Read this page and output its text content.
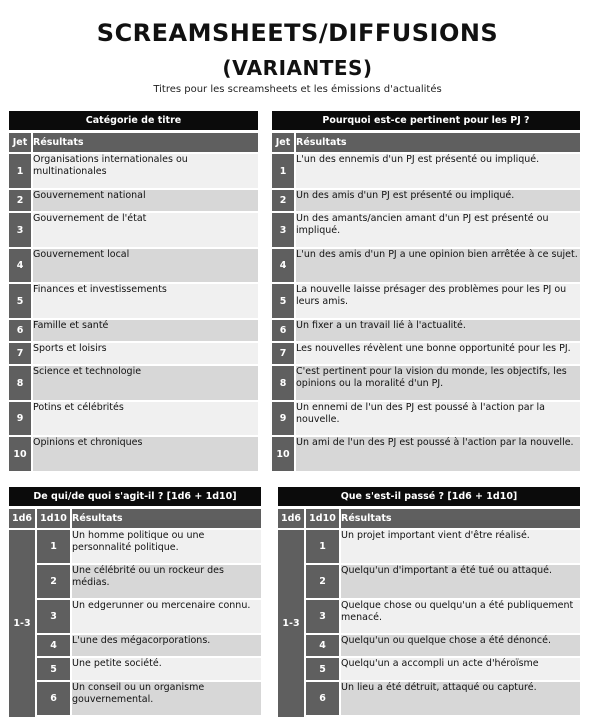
SCREAMSHEETS/DIFFUSIONS
(VARIANTES)
Titres pour les screamsheets et les émissions d'actualités
Catégorie de titre	
Jet	Résultats
1	Organisations internationales ou multinationales
2	Gouvernement national
3	Gouvernement de l'état
4	Gouvernement local
5	Finances et investissements
6	Famille et santé
7	Sports et loisirs
8	Science et technologie
9	Potins et célébrités
10	Opinions et chroniques
Pourquoi est-ce pertinent pour les PJ ?	
Jet	Résultats
1	L'un des ennemis d'un PJ est présenté ou impliqué.
2	Un des amis d'un PJ est présenté ou impliqué.
3	Un des amants/ancien amant d'un PJ est présenté ou impliqué.
4	L'un des amis d'un PJ a une opinion bien arrêtée à ce sujet.
5	La nouvelle laisse présager des problèmes pour les PJ ou leurs amis.
6	Un fixer a un travail lié à l'actualité.
7	Les nouvelles révèlent une bonne opportunité pour les PJ.
8	C'est pertinent pour la vision du monde, les objectifs, les opinions ou la moralité d'un PJ.
9	Un ennemi de l'un des PJ est poussé à l'action par la nouvelle.
10	Un ami de l'un des PJ est poussé à l'action par la nouvelle.
De qui/de quoi s'agit-il ? [1d6 + 1d10]		
1d6	1d10	Résultats
1-3	1	Un homme politique ou une personnalité politique.
	2	Une célébrité ou un rockeur des médias.
	3	Un edgerunner ou mercenaire connu.
	4	L'une des mégacorporations.
	5	Une petite société.
	6	Un conseil ou un organisme gouvernemental.
Que s'est-il passé ? [1d6 + 1d10]		
1d6	1d10	Résultats
1-3	1	Un projet important vient d'être réalisé.
	2	Quelqu'un d'important a été tué ou attaqué.
	3	Quelque chose ou quelqu'un a été publiquement menacé.
	4	Quelqu'un ou quelque chose a été dénoncé.
	5	Quelqu'un a accompli un acte d'héroïsme
	6	Un lieu a été détruit, attaqué ou capturé.
